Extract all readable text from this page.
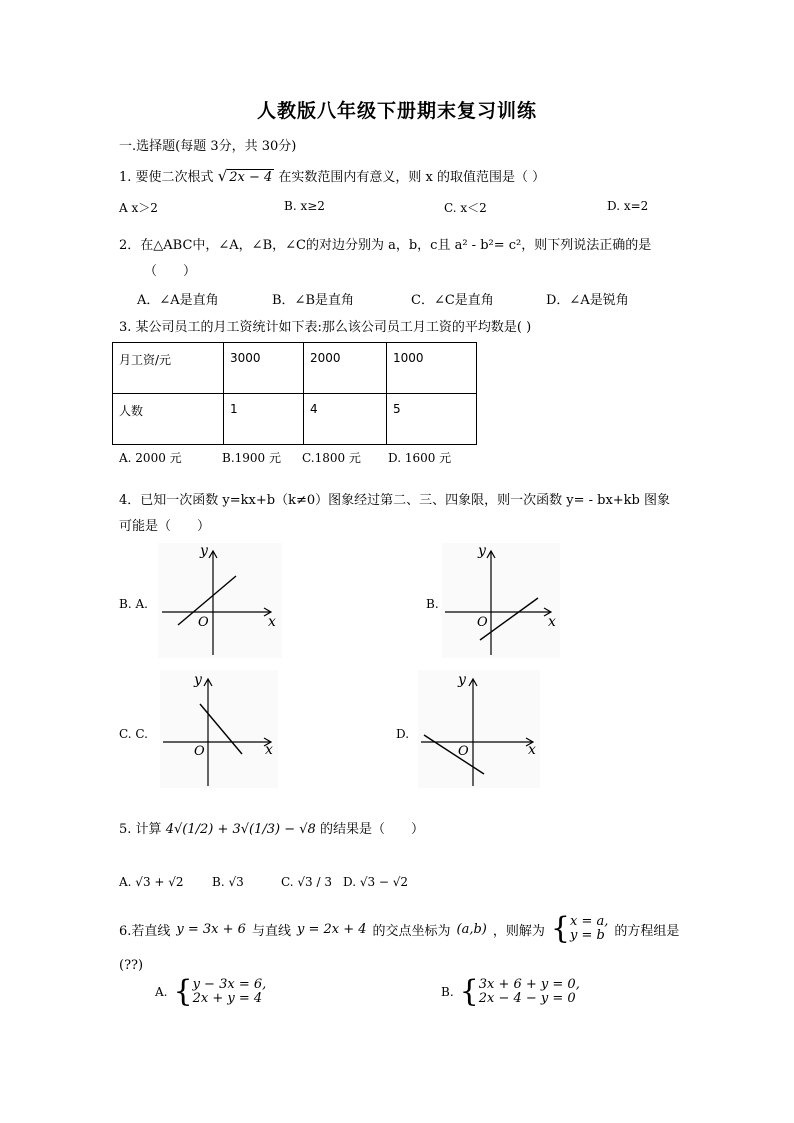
人教版八年级下册期末复习训练
一.选择题(每题 3分，共 30分)
1. 要使二次根式 √ 2x − 4 在实数范围内有意义，则 x 的取值范围是（ ）
A x＞2	B. x≥2	C. x＜2	D. x=2
2．在△ABC中，∠A，∠B，∠C的对边分别为 a，b，c且 a² - b²= c²，则下列说法正确的是
（　　）
A．∠A是直角	B．∠B是直角	C．∠C是直角	D．∠A是锐角
3. 某公司员工的月工资统计如下表:那么该公司员工月工资的平均数是( )
月工资/元	3000	2000	1000
人数	1	4	5
A. 2000 元	B.1900 元 C.1800 元 D. 1600 元
4．已知一次函数 y=kx+b（k≠0）图象经过第二、三、四象限，则一次函数 y= - bx+kb 图象
可能是（　　）
B. A.
y
x
O
B.
y
x
O
C. C.
y
x
O
D.
y
x
O
5. 计算 4√(1/2) + 3√(1/3) − √8 的结果是（　　）
A. √3 + √2 B. √3	C. √3 / 3 D. √3 − √2
6.若直线 y = 3x + 6 与直线 y = 2x + 4 的交点坐标为 (a,b) ，则解为 { x = a,
y = b 的方程组是
(??)
A. { y − 3x = 6,
2x + y = 4	B. { 3x + 6 + y = 0,
2x − 4 − y = 0
